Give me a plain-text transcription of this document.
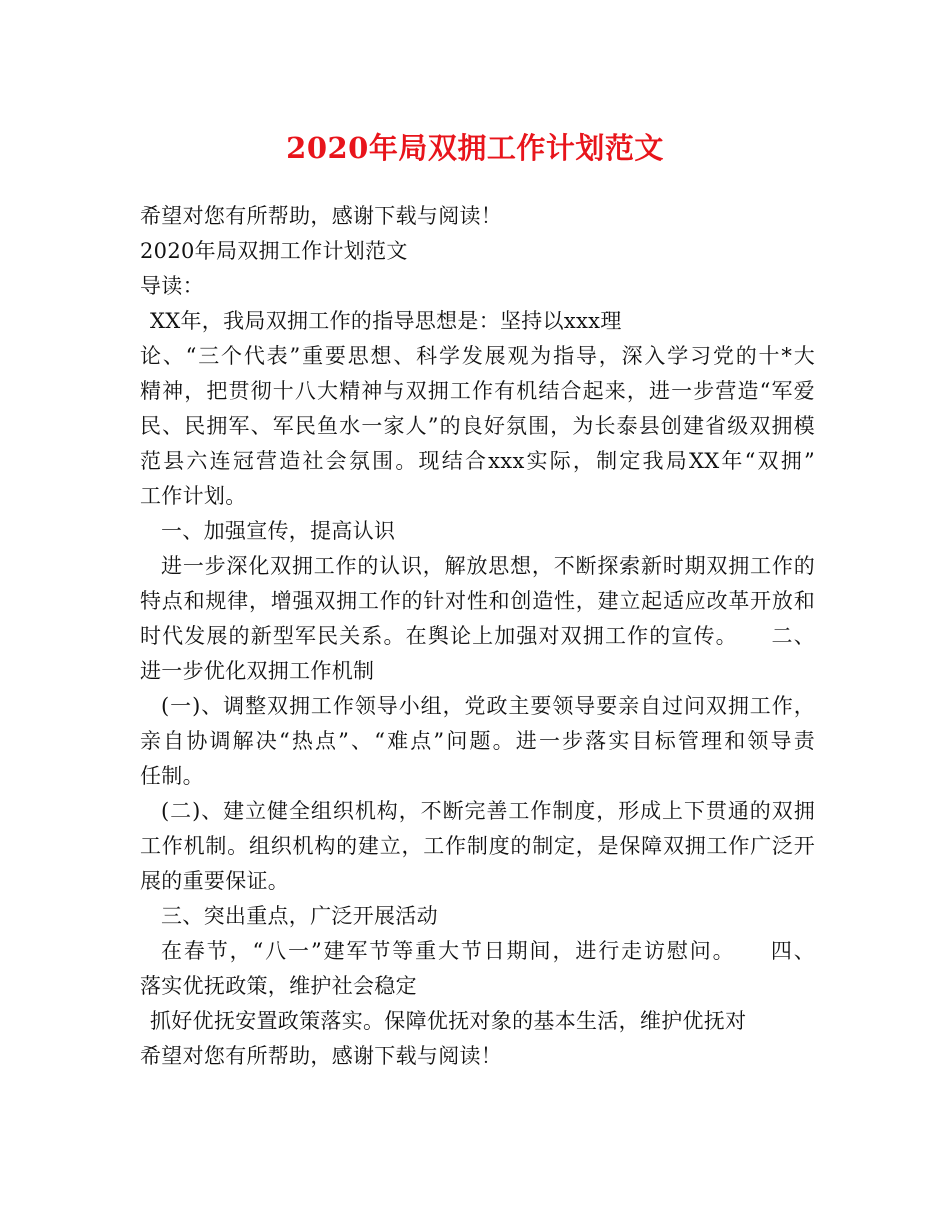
2020年局双拥工作计划范文
希望对您有所帮助，感谢下载与阅读！
2020年局双拥工作计划范文
导读：
XX年，我局双拥工作的指导思想是：坚持以xxx理
论、“三个代表”重要思想、科学发展观为指导，深入学习党的十*大
精神，把贯彻十八大精神与双拥工作有机结合起来，进一步营造“军爱
民、民拥军、军民鱼水一家人”的良好氛围，为长泰县创建省级双拥模
范县六连冠营造社会氛围。现结合xxx实际，制定我局XX年“双拥”
工作计划。
一、加强宣传，提高认识
进一步深化双拥工作的认识，解放思想，不断探索新时期双拥工作的
特点和规律，增强双拥工作的针对性和创造性，建立起适应改革开放和
时代发展的新型军民关系。在舆论上加强对双拥工作的宣传。　　二、
进一步优化双拥工作机制
(一)、调整双拥工作领导小组，党政主要领导要亲自过问双拥工作，
亲自协调解决“热点”、“难点”问题。进一步落实目标管理和领导责
任制。
(二)、建立健全组织机构，不断完善工作制度，形成上下贯通的双拥
工作机制。组织机构的建立，工作制度的制定，是保障双拥工作广泛开
展的重要保证。
三、突出重点，广泛开展活动
在春节，“八一”建军节等重大节日期间，进行走访慰问。　　四、
落实优抚政策，维护社会稳定
抓好优抚安置政策落实。保障优抚对象的基本生活，维护优抚对
希望对您有所帮助，感谢下载与阅读！
